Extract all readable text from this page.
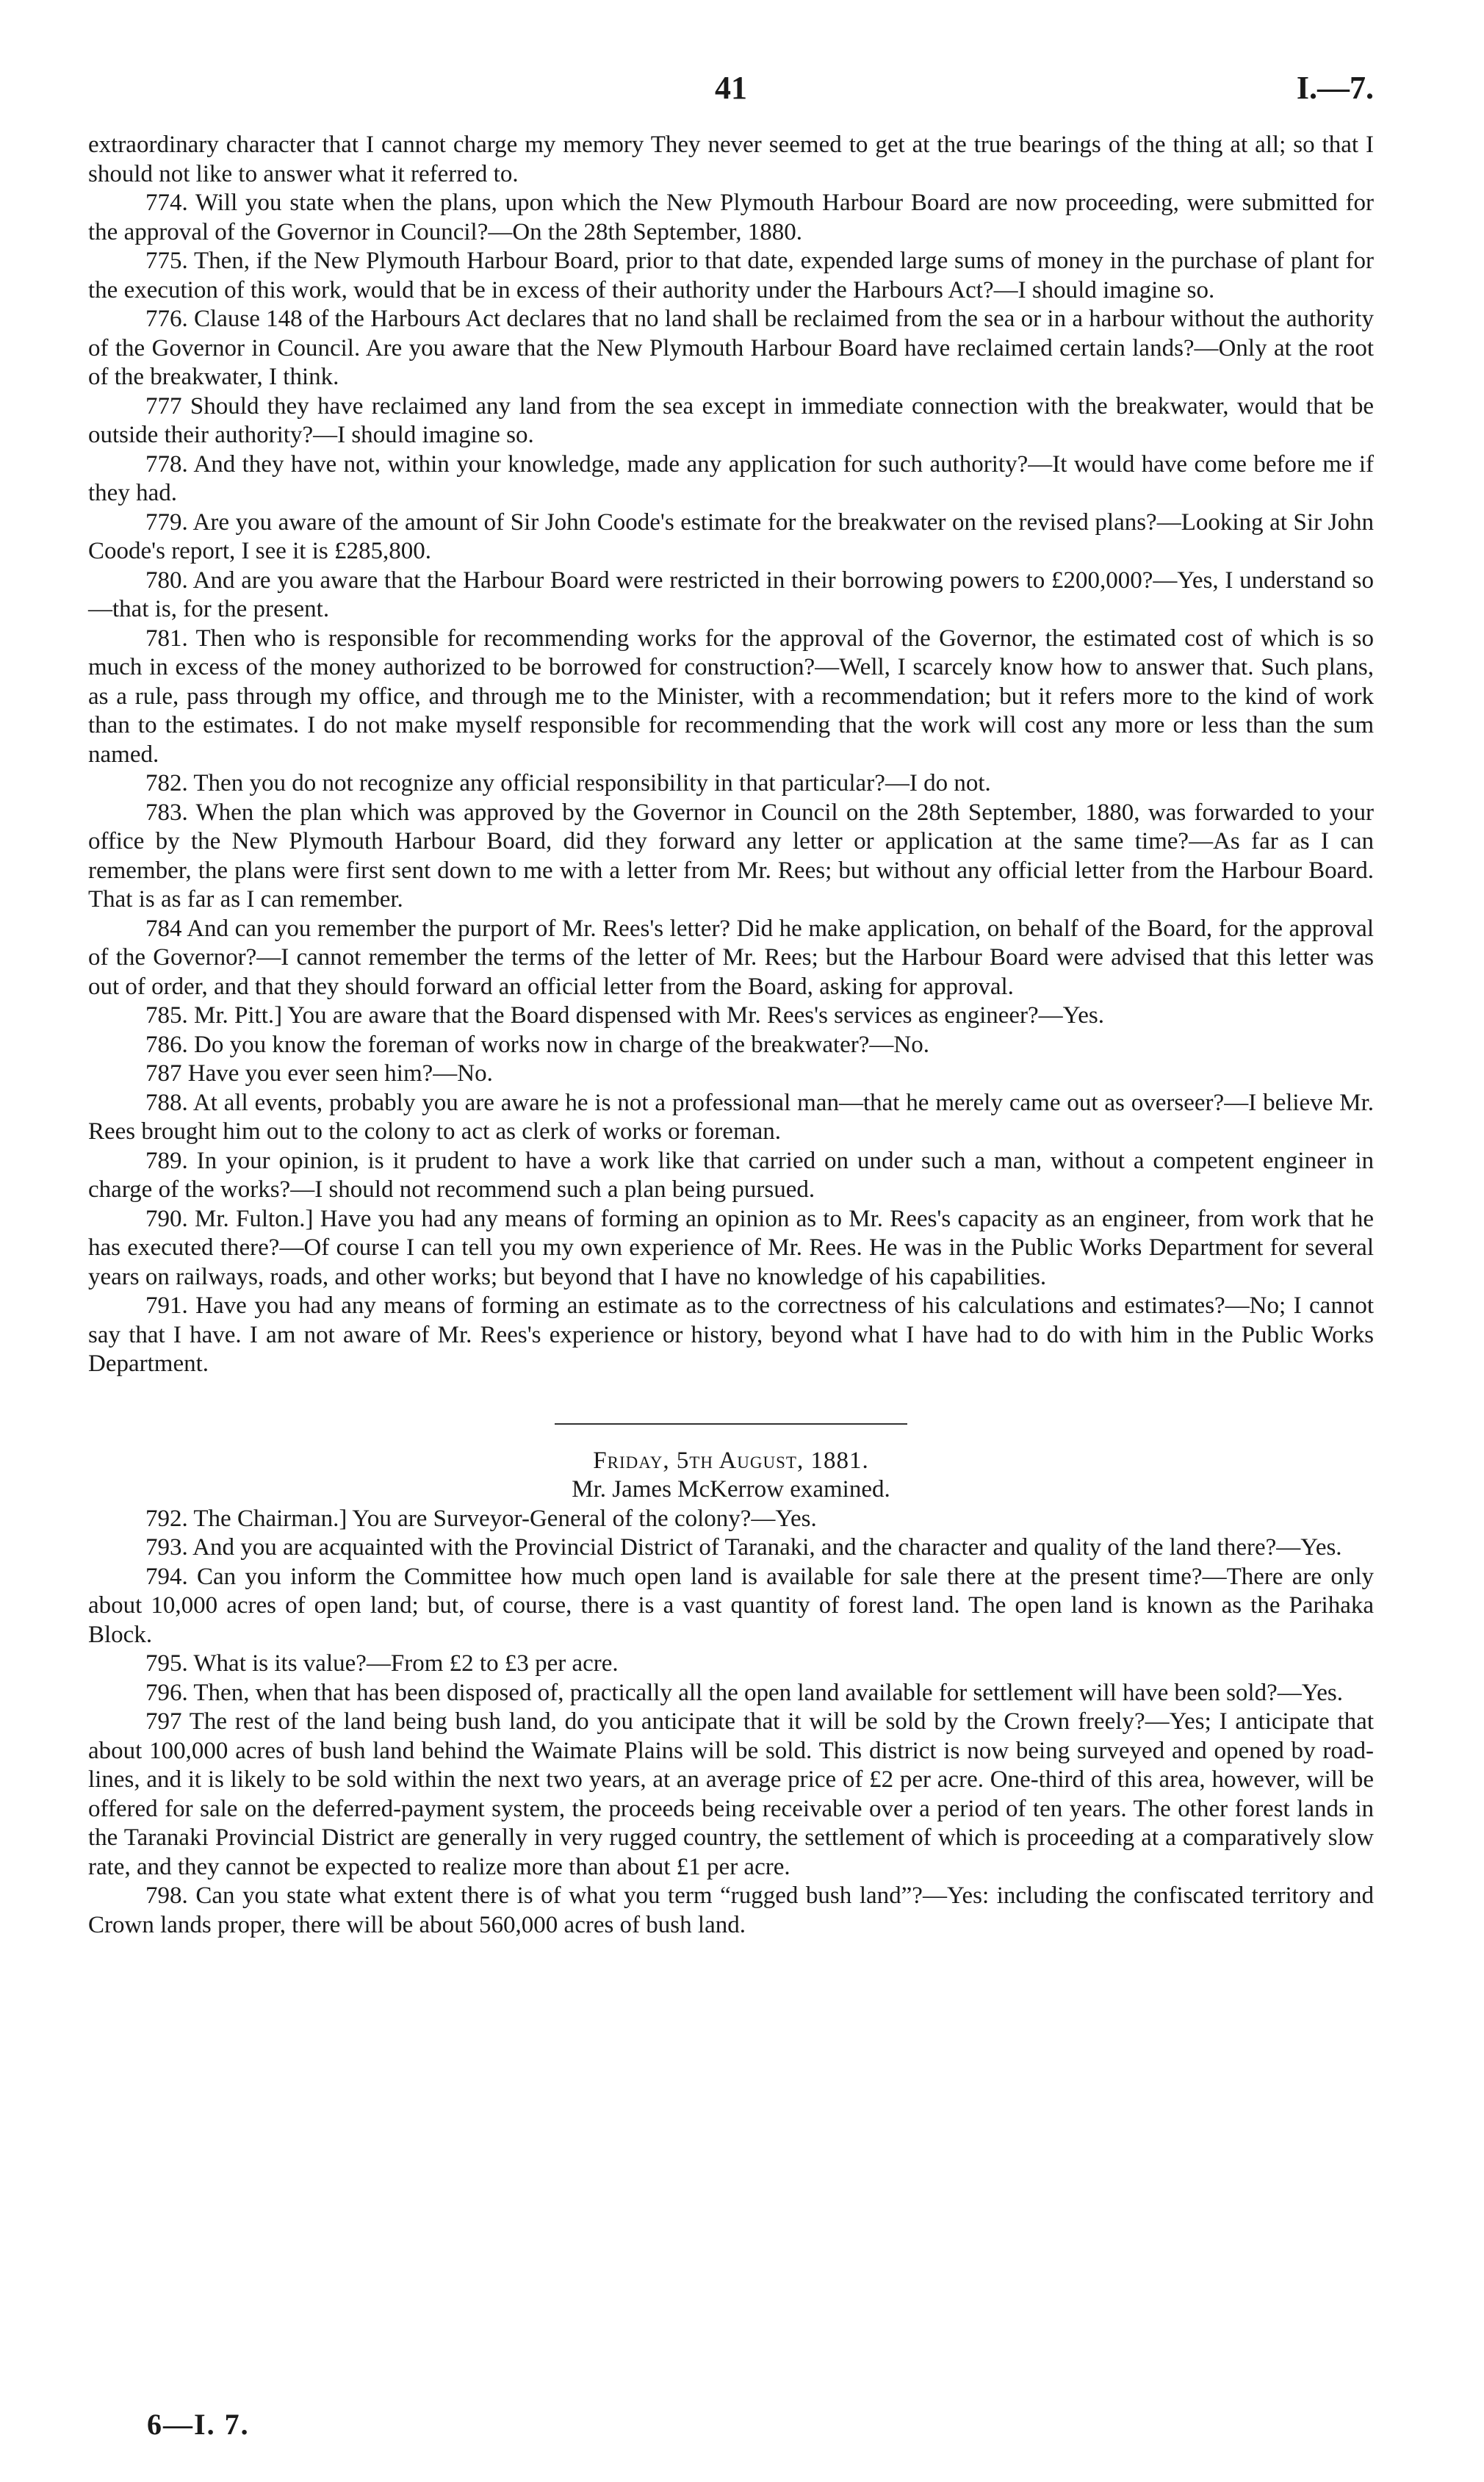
41	I.—7.

extraordinary character that I cannot charge my memory They never seemed to get at the true bearings of the thing at all; so that I should not like to answer what it referred to.

774. Will you state when the plans, upon which the New Plymouth Harbour Board are now proceeding, were submitted for the approval of the Governor in Council?—On the 28th September, 1880.

775. Then, if the New Plymouth Harbour Board, prior to that date, expended large sums of money in the purchase of plant for the execution of this work, would that be in excess of their authority under the Harbours Act?—I should imagine so.

776. Clause 148 of the Harbours Act declares that no land shall be reclaimed from the sea or in a harbour without the authority of the Governor in Council. Are you aware that the New Plymouth Harbour Board have reclaimed certain lands?—Only at the root of the breakwater, I think.

777 Should they have reclaimed any land from the sea except in immediate connection with the breakwater, would that be outside their authority?—I should imagine so.

778. And they have not, within your knowledge, made any application for such authority?—It would have come before me if they had.

779. Are you aware of the amount of Sir John Coode's estimate for the breakwater on the revised plans?—Looking at Sir John Coode's report, I see it is £285,800.

780. And are you aware that the Harbour Board were restricted in their borrowing powers to £200,000?—Yes, I understand so—that is, for the present.

781. Then who is responsible for recommending works for the approval of the Governor, the estimated cost of which is so much in excess of the money authorized to be borrowed for construction?—Well, I scarcely know how to answer that. Such plans, as a rule, pass through my office, and through me to the Minister, with a recommendation; but it refers more to the kind of work than to the estimates. I do not make myself responsible for recommending that the work will cost any more or less than the sum named.

782. Then you do not recognize any official responsibility in that particular?—I do not.

783. When the plan which was approved by the Governor in Council on the 28th September, 1880, was forwarded to your office by the New Plymouth Harbour Board, did they forward any letter or application at the same time?—As far as I can remember, the plans were first sent down to me with a letter from Mr. Rees; but without any official letter from the Harbour Board. That is as far as I can remember.

784 And can you remember the purport of Mr. Rees's letter? Did he make application, on behalf of the Board, for the approval of the Governor?—I cannot remember the terms of the letter of Mr. Rees; but the Harbour Board were advised that this letter was out of order, and that they should forward an official letter from the Board, asking for approval.

785. Mr. Pitt.] You are aware that the Board dispensed with Mr. Rees's services as engineer?—Yes.

786. Do you know the foreman of works now in charge of the breakwater?—No.

787 Have you ever seen him?—No.

788. At all events, probably you are aware he is not a professional man—that he merely came out as overseer?—I believe Mr. Rees brought him out to the colony to act as clerk of works or foreman.

789. In your opinion, is it prudent to have a work like that carried on under such a man, without a competent engineer in charge of the works?—I should not recommend such a plan being pursued.

790. Mr. Fulton.] Have you had any means of forming an opinion as to Mr. Rees's capacity as an engineer, from work that he has executed there?—Of course I can tell you my own experience of Mr. Rees. He was in the Public Works Department for several years on railways, roads, and other works; but beyond that I have no knowledge of his capabilities.

791. Have you had any means of forming an estimate as to the correctness of his calculations and estimates?—No; I cannot say that I have. I am not aware of Mr. Rees's experience or history, beyond what I have had to do with him in the Public Works Department.

Friday, 5th August, 1881.

Mr. James McKerrow examined.

792. The Chairman.] You are Surveyor-General of the colony?—Yes.

793. And you are acquainted with the Provincial District of Taranaki, and the character and quality of the land there?—Yes.

794. Can you inform the Committee how much open land is available for sale there at the present time?—There are only about 10,000 acres of open land; but, of course, there is a vast quantity of forest land. The open land is known as the Parihaka Block.

795. What is its value?—From £2 to £3 per acre.

796. Then, when that has been disposed of, practically all the open land available for settlement will have been sold?—Yes.

797 The rest of the land being bush land, do you anticipate that it will be sold by the Crown freely?—Yes; I anticipate that about 100,000 acres of bush land behind the Waimate Plains will be sold. This district is now being surveyed and opened by road-lines, and it is likely to be sold within the next two years, at an average price of £2 per acre. One-third of this area, however, will be offered for sale on the deferred-payment system, the proceeds being receivable over a period of ten years. The other forest lands in the Taranaki Provincial District are generally in very rugged country, the settlement of which is proceeding at a comparatively slow rate, and they cannot be expected to realize more than about £1 per acre.

798. Can you state what extent there is of what you term “rugged bush land”?—Yes: including the confiscated territory and Crown lands proper, there will be about 560,000 acres of bush land.

6—I. 7.
